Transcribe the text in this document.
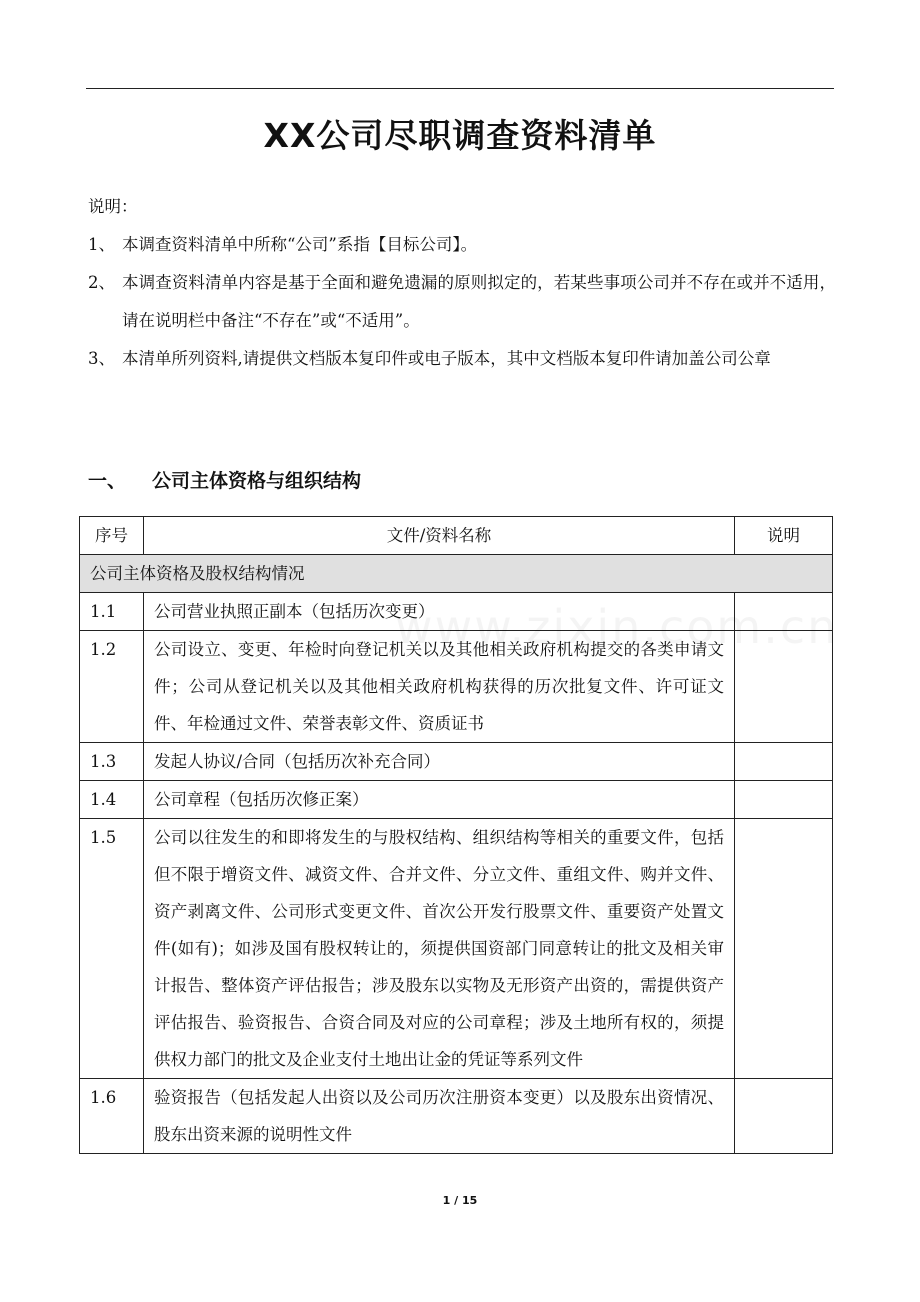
XX公司尽职调查资料清单
说明：
1、 本调查资料清单中所称“公司”系指【目标公司】。
2、 本调查资料清单内容是基于全面和避免遗漏的原则拟定的，若某些事项公司并不存在或并不适用，请在说明栏中备注“不存在”或“不适用”。
3、 本清单所列资料,请提供文档版本复印件或电子版本，其中文档版本复印件请加盖公司公章
一、	公司主体资格与组织结构
序号	文件/资料名称	说明
公司主体资格及股权结构情况		
1.1	公司营业执照正副本（包括历次变更）	
1.2	公司设立、变更、年检时向登记机关以及其他相关政府机构提交的各类申请文件；公司从登记机关以及其他相关政府机构获得的历次批复文件、许可证文件、年检通过文件、荣誉表彰文件、资质证书	
1.3	发起人协议/合同（包括历次补充合同）	
1.4	公司章程（包括历次修正案）	
1.5	公司以往发生的和即将发生的与股权结构、组织结构等相关的重要文件，包括但不限于增资文件、减资文件、合并文件、分立文件、重组文件、购并文件、资产剥离文件、公司形式变更文件、首次公开发行股票文件、重要资产处置文件(如有)；如涉及国有股权转让的，须提供国资部门同意转让的批文及相关审计报告、整体资产评估报告；涉及股东以实物及无形资产出资的，需提供资产评估报告、验资报告、合资合同及对应的公司章程；涉及土地所有权的，须提供权力部门的批文及企业支付土地出让金的凭证等系列文件	
1.6	验资报告（包括发起人出资以及公司历次注册资本变更）以及股东出资情况、股东出资来源的说明性文件	
1 / 15
